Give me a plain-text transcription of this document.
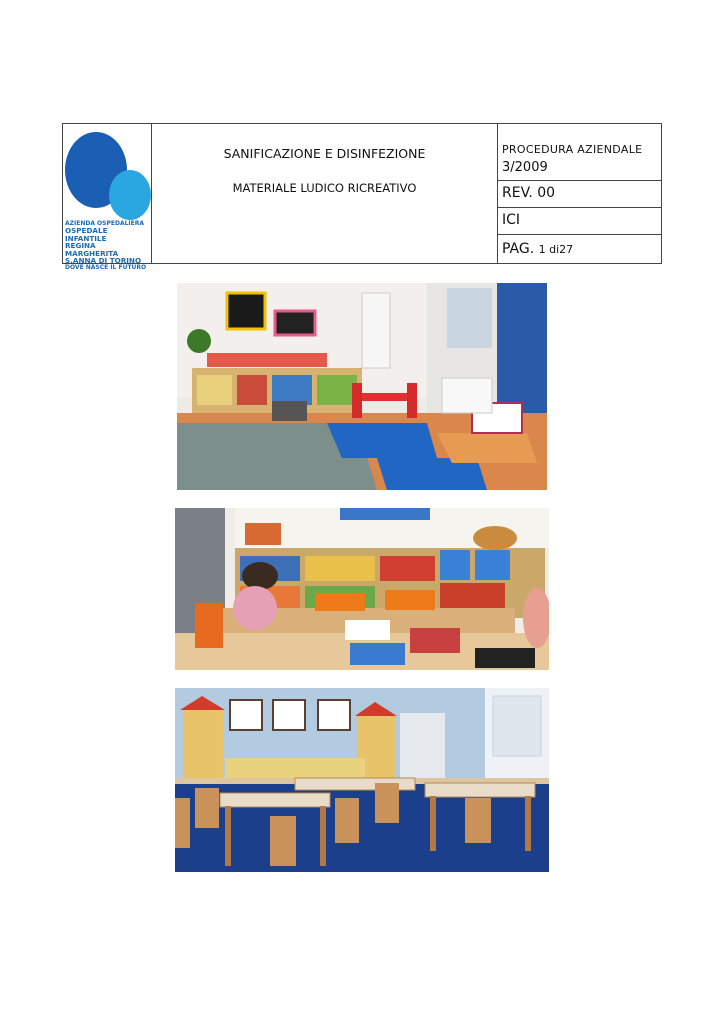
AZIENDA OSPEDALIERA
OSPEDALE INFANTILE
REGINA MARGHERITA
S.ANNA DI TORINO
DOVE NASCE IL FUTURO
SANIFICAZIONE E DISINFEZIONE
MATERIALE LUDICO RICREATIVO
PROCEDURA AZIENDALE
3/2009
REV. 00
ICI
PAG. 1 di27
